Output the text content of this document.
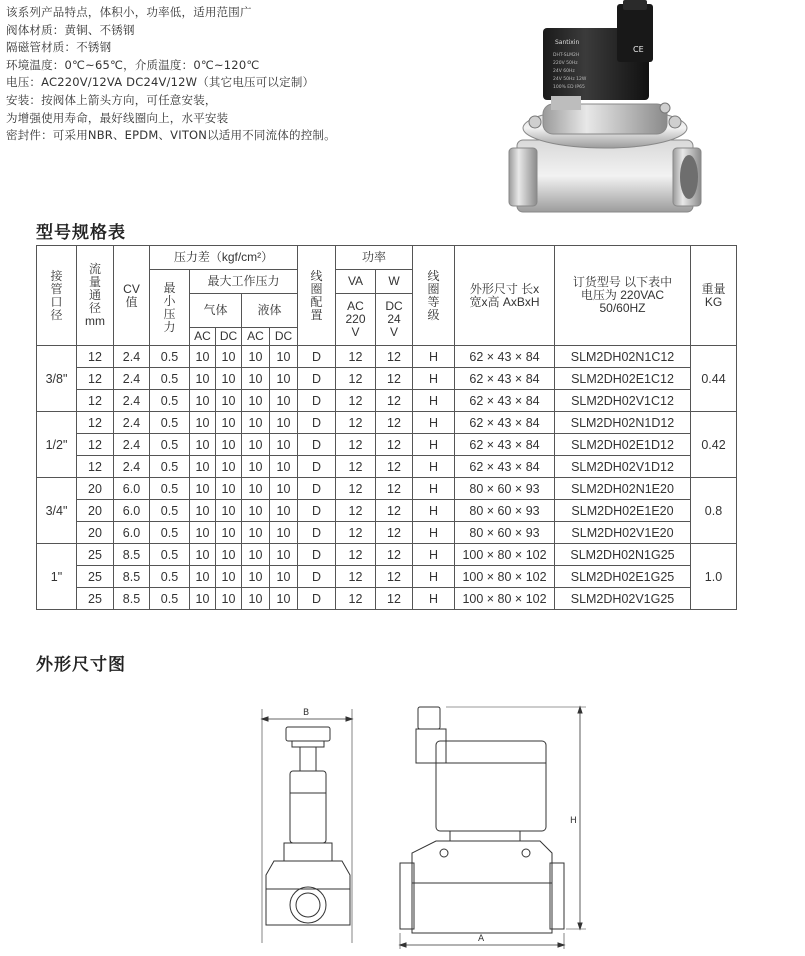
该系列产品特点，体积小，功率低，适用范围广
阀体材质：黄铜、不锈钢
隔磁管材质：不锈钢
环境温度：0℃~65℃，介质温度：0℃~120℃
电压：AC220V/12VA DC24V/12W（其它电压可以定制）
安装：按阀体上箭头方向，可任意安装，
为增强使用寿命，最好线圈向上，水平安装
密封件：可采用NBR、EPDM、VITON以适用不同流体的控制。
Santixin
CE
DHT-SLM2H
220V 50Hz
24V 60Hz
24V 50Hz 12W
100% ED IP65
型号规格表
接管口径	流量通径
mm	CV值	压力差（kgf/cm²）					线圈配置	功率		线圈等级	外形尺寸 长x宽x高 AxBxH	订货型号 以下表中电压为 220VAC 50/60HZ	重量 KG
			最小压力	最大工作压力					VA	W				
				气体		液体			AC 220 V	DC 24 V				
				AC	DC	AC	DC							
3/8"	12	2.4	0.5	10	10	10	10	D	12	12	H	62 × 43 × 84	SLM2DH02N1C12	0.44
	12	2.4	0.5	10	10	10	10	D	12	12	H	62 × 43 × 84	SLM2DH02E1C12	
	12	2.4	0.5	10	10	10	10	D	12	12	H	62 × 43 × 84	SLM2DH02V1C12	
1/2"	12	2.4	0.5	10	10	10	10	D	12	12	H	62 × 43 × 84	SLM2DH02N1D12	0.42
	12	2.4	0.5	10	10	10	10	D	12	12	H	62 × 43 × 84	SLM2DH02E1D12	
	12	2.4	0.5	10	10	10	10	D	12	12	H	62 × 43 × 84	SLM2DH02V1D12	
3/4"	20	6.0	0.5	10	10	10	10	D	12	12	H	80 × 60 × 93	SLM2DH02N1E20	0.8
	20	6.0	0.5	10	10	10	10	D	12	12	H	80 × 60 × 93	SLM2DH02E1E20	
	20	6.0	0.5	10	10	10	10	D	12	12	H	80 × 60 × 93	SLM2DH02V1E20	
1"	25	8.5	0.5	10	10	10	10	D	12	12	H	100 × 80 × 102	SLM2DH02N1G25	1.0
	25	8.5	0.5	10	10	10	10	D	12	12	H	100 × 80 × 102	SLM2DH02E1G25	
	25	8.5	0.5	10	10	10	10	D	12	12	H	100 × 80 × 102	SLM2DH02V1G25	
外形尺寸图
B
H
A
